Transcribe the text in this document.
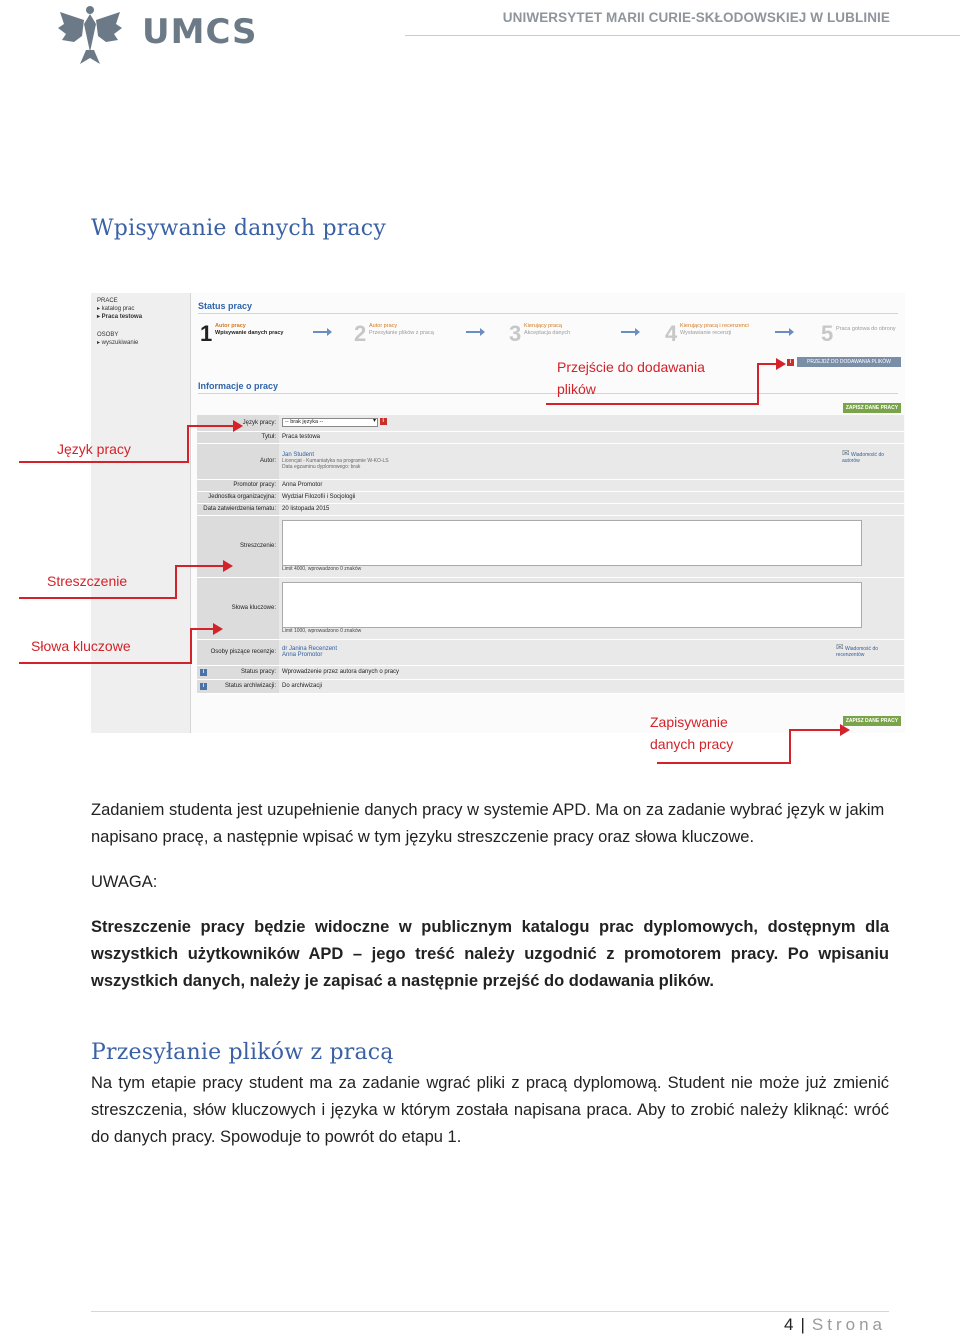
UMCS	UNIWERSYTET MARII CURIE-SKŁODOWSKIEJ W LUBLINIE
Wpisywanie danych pracy
PRACE
▸ katalog prac
▸ Praca testowa
OSOBY
▸ wyszukiwanie
Status pracy
1 Autor pracy
Wpisywanie danych pracy	2 Autor pracy
Przesyłanie plików z pracą	3 Kierujący pracą
Akceptacja danych	4 Kierujący pracą i recenzenci
Wystawianie recenzji	5 Praca gotowa do obrony
i	PRZEJDŹ DO DODAWANIA PLIKÓW
Informacje o pracy
ZAPISZ DANE PRACY
Język pracy:	-- brak języka -- ▾ i
Tytuł:	Praca testowa
Autor:	Jan Student
Licencjat - Kumaniatyka na programie W-KO-LS
Data egzaminu dyplomowego: brak
✉ Wiadomość do autorów

Promotor pracy:	Anna Promotor
Jednostka organizacyjna:	Wydział Filozofii i Socjologii
Data zatwierdzenia tematu:	20 listopada 2015
Streszczenie:	Limit 4000, wprowadzono 0 znaków

Słowa kluczowe:	Limit 1000, wprowadzono 0 znaków

Osoby piszące recenzje:	dr Janina Recenzent
Anna Promotor
✉ Wiadomość do recenzentów

i Status pracy:	Wprowadzenie przez autora danych o pracy

i Status archiwizacji:	Do archiwizacji
ZAPISZ DANE PRACY
Przejście do dodawania
plików
Język pracy
Streszczenie
Słowa kluczowe
Zapisywanie
danych pracy
Zadaniem studenta jest uzupełnienie danych pracy w systemie APD. Ma on za zadanie wybrać język w jakim napisano pracę, a następnie wpisać w tym języku streszczenie pracy oraz słowa kluczowe.
UWAGA:
Streszczenie pracy będzie widoczne w publicznym katalogu prac dyplomowych, dostępnym dla wszystkich użytkowników APD – jego treść należy uzgodnić z promotorem pracy. Po wpisaniu wszystkich danych, należy je zapisać a następnie przejść do dodawania plików.
Przesyłanie plików z pracą
Na tym etapie pracy student ma za zadanie wgrać pliki z pracą dyplomową. Student nie może już zmienić streszczenia, słów kluczowych i języka w którym została napisana praca. Aby to zrobić należy kliknąć: wróć do danych pracy. Spowoduje to powrót do etapu 1.
4 | Strona
